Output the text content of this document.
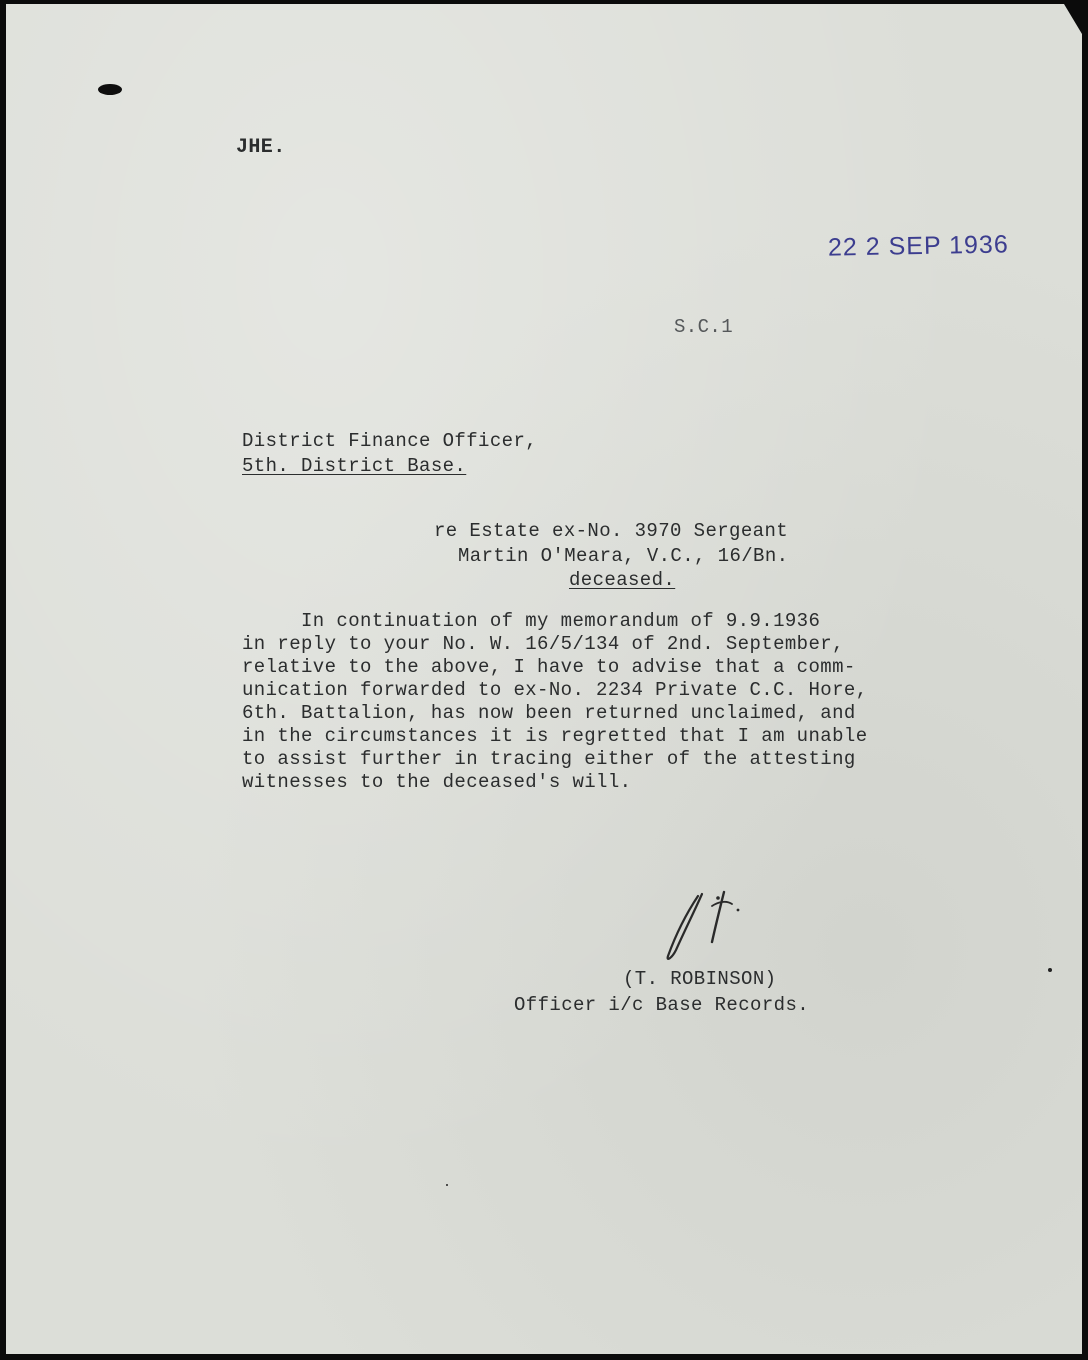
JHE.
22 2 SEP 1936
S.C.1
District Finance Officer,
5th. District Base.
re Estate ex-No. 3970 Sergeant
Martin O'Meara, V.C., 16/Bn.
deceased.
In continuation of my memorandum of 9.9.1936
in reply to your No. W. 16/5/134 of 2nd. September,
relative to the above, I have to advise that a comm-
unication forwarded to ex-No. 2234 Private C.C. Hore,
6th. Battalion, has now been returned unclaimed, and
in the circumstances it is regretted that I am unable
to assist further in tracing either of the attesting
witnesses to the deceased's will.
(T. ROBINSON)
Officer i/c Base Records.
